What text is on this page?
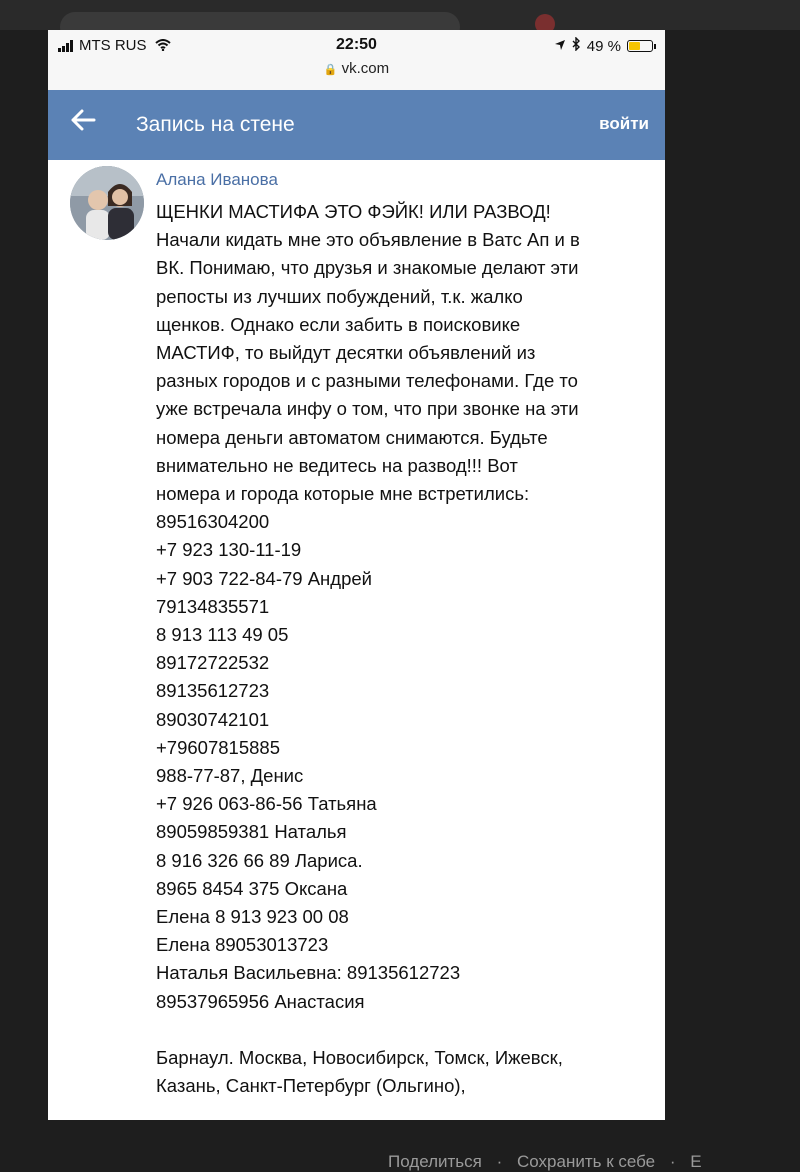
MTS RUS	22:50
🔒 vk.com
49 %
Запись на стене	войти
Алана Иванова

ЩЕНКИ МАСТИФА ЭТО ФЭЙК! ИЛИ РАЗВОД!

Начали кидать мне это объявление в Ватс Ап и в

ВК. Понимаю, что друзья и знакомые делают эти

репосты из лучших побуждений, т.к. жалко

щенков. Однако если забить в поисковике

МАСТИФ, то выйдут десятки объявлений из

разных городов и с разными телефонами. Где то

уже встречала инфу о том, что при звонке на эти

номера деньги автоматом снимаются. Будьте

внимательно не ведитесь на развод!!! Вот

номера и города которые мне встретились:

89516304200

+7 923 130-11-19

+7 903 722-84-79 Андрей

79134835571

8 913 113 49 05

89172722532

89135612723

89030742101

+79607815885

988-77-87, Денис

+7 926 063-86-56 Татьяна

89059859381 Наталья

8 916 326 66 89 Лариса.

8965 8454 375 Оксана

Елена 8 913 923 00 08

Елена 89053013723

Наталья Васильевна: 89135612723

89537965956 Анастасия

Барнаул. Москва, Новосибирск, Томск, Ижевск,

Казань, Санкт-Петербург (Ольгино),

Поделиться · Сохранить к себе · Е
